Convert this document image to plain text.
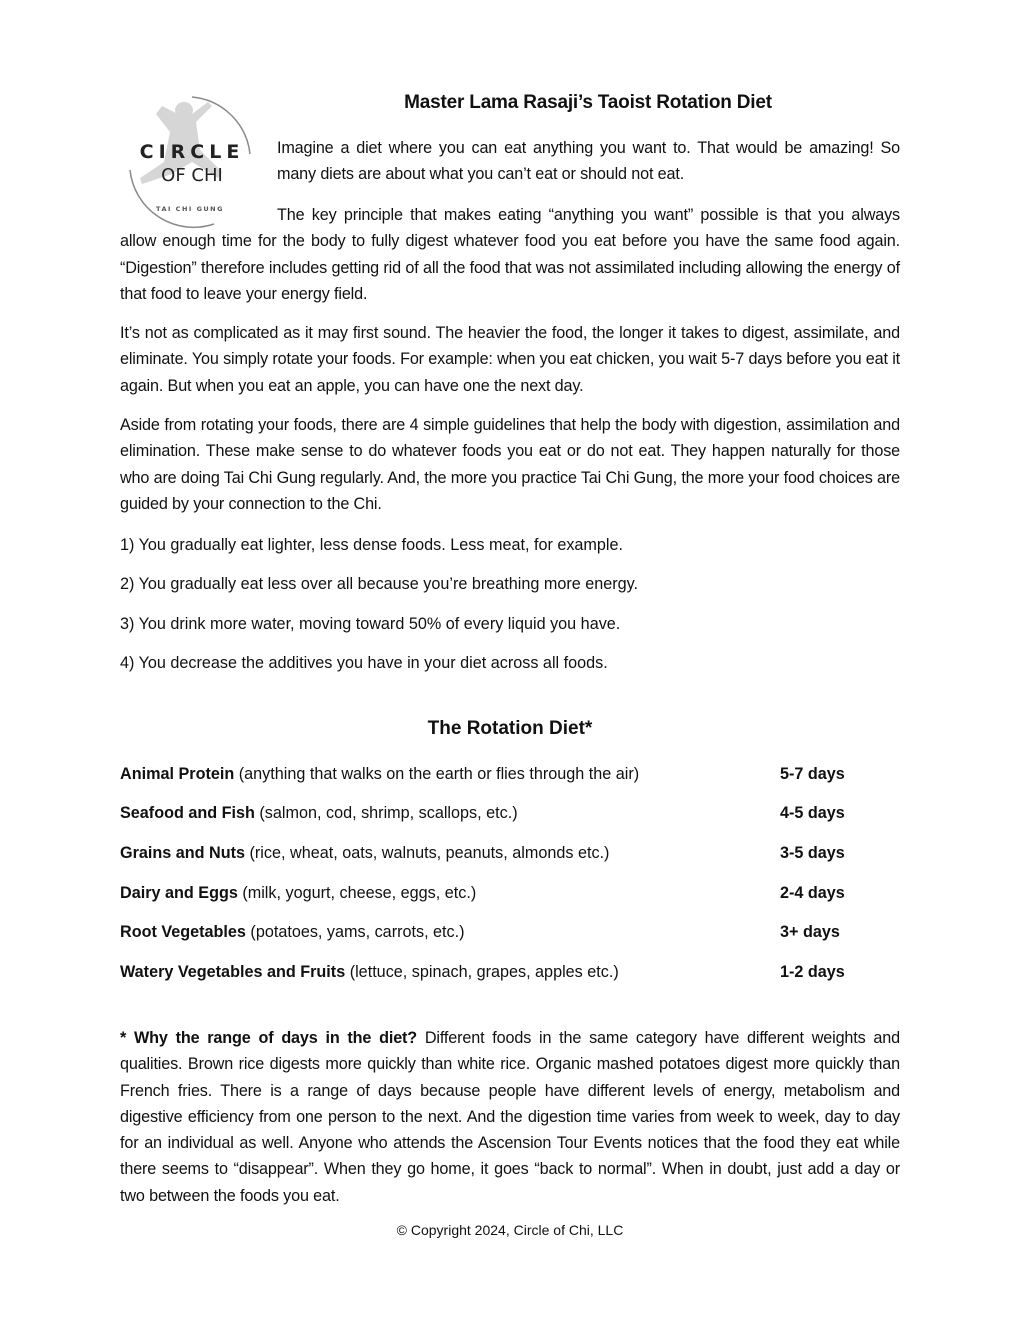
CIRCLE
OF CHI
TAI CHI GUNG
Master Lama Rasaji’s Taoist Rotation Diet

Imagine a diet where you can eat anything you want to. That would be amazing! So many diets are about what you can’t eat or should not eat.

The key principle that makes eating “anything you want” possible is that you always allow enough time for the body to fully digest whatever food you eat before you have the same food again. “Digestion” therefore includes getting rid of all the food that was not assimilated including allowing the energy of that food to leave your energy field.

It’s not as complicated as it may first sound. The heavier the food, the longer it takes to digest, assimilate, and eliminate. You simply rotate your foods. For example: when you eat chicken, you wait 5-7 days before you eat it again. But when you eat an apple, you can have one the next day.

Aside from rotating your foods, there are 4 simple guidelines that help the body with digestion, assimilation and elimination. These make sense to do whatever foods you eat or do not eat. They happen naturally for those who are doing Tai Chi Gung regularly. And, the more you practice Tai Chi Gung, the more your food choices are guided by your connection to the Chi.

1) You gradually eat lighter, less dense foods. Less meat, for example.
2) You gradually eat less over all because you’re breathing more energy.
3) You drink more water, moving toward 50% of every liquid you have.
4) You decrease the additives you have in your diet across all foods.
The Rotation Diet*
Animal Protein (anything that walks on the earth or flies through the air)	5-7 days
Seafood and Fish (salmon, cod, shrimp, scallops, etc.)	4-5 days
Grains and Nuts (rice, wheat, oats, walnuts, peanuts, almonds etc.)	3-5 days
Dairy and Eggs (milk, yogurt, cheese, eggs, etc.)	2-4 days
Root Vegetables (potatoes, yams, carrots, etc.)	3+ days
Watery Vegetables and Fruits (lettuce, spinach, grapes, apples etc.)	1-2 days

* Why the range of days in the diet? Different foods in the same category have different weights and qualities. Brown rice digests more quickly than white rice. Organic mashed potatoes digest more quickly than French fries. There is a range of days because people have different levels of energy, metabolism and digestive efficiency from one person to the next. And the digestion time varies from week to week, day to day for an individual as well. Anyone who attends the Ascension Tour Events notices that the food they eat while there seems to “disappear”. When they go home, it goes “back to normal”. When in doubt, just add a day or two between the foods you eat.

© Copyright 2024, Circle of Chi, LLC
